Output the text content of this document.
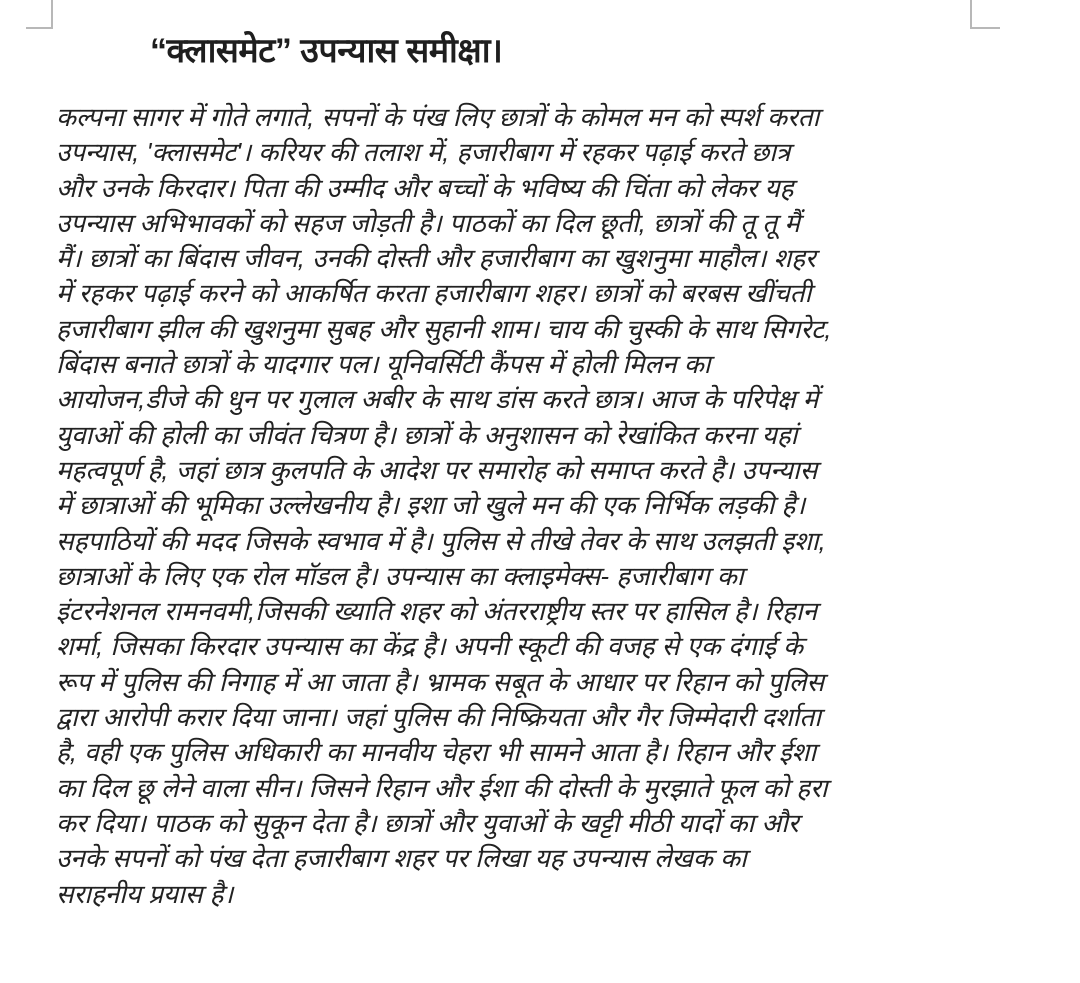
“क्लासमेट” उपन्यास समीक्षा।
कल्पना सागर में गोते लगाते, सपनों के पंख लिए छात्रों के कोमल मन को स्पर्श करता
उपन्यास, 'क्लासमेट'। करियर की तलाश में, हजारीबाग में रहकर पढ़ाई करते छात्र
और उनके किरदार। पिता की उम्मीद और बच्चों के भविष्य की चिंता को लेकर यह
उपन्यास अभिभावकों को सहज जोड़ती है। पाठकों का दिल छूती, छात्रों की तू तू मैं
मैं। छात्रों का बिंदास जीवन, उनकी दोस्ती और हजारीबाग का खुशनुमा माहौल। शहर
में रहकर पढ़ाई करने को आकर्षित करता हजारीबाग शहर। छात्रों को बरबस खींचती
हजारीबाग झील की खुशनुमा सुबह और सुहानी शाम। चाय की चुस्की के साथ सिगरेट,
बिंदास बनाते छात्रों के यादगार पल। यूनिवर्सिटी कैंपस में होली मिलन का
आयोजन,डीजे की धुन पर गुलाल अबीर के साथ डांस करते छात्र। आज के परिपेक्ष में
युवाओं की होली का जीवंत चित्रण है। छात्रों के अनुशासन को रेखांकित करना यहां
महत्वपूर्ण है, जहां छात्र कुलपति के आदेश पर समारोह को समाप्त करते है। उपन्यास
में छात्राओं की भूमिका उल्लेखनीय है। इशा जो खुले मन की एक निर्भिक लड़की है।
सहपाठियों की मदद जिसके स्वभाव में है। पुलिस से तीखे तेवर के साथ उलझती इशा,
छात्राओं के लिए एक रोल मॉडल है। उपन्यास का क्लाइमेक्स- हजारीबाग का
इंटरनेशनल रामनवमी,जिसकी ख्याति शहर को अंतरराष्ट्रीय स्तर पर हासिल है। रिहान
शर्मा, जिसका किरदार उपन्यास का केंद्र है। अपनी स्कूटी की वजह से एक दंगाई के
रूप में पुलिस की निगाह में आ जाता है। भ्रामक सबूत के आधार पर रिहान को पुलिस
द्वारा आरोपी करार दिया जाना। जहां पुलिस की निष्क्रियता और गैर जिम्मेदारी दर्शाता
है, वही एक पुलिस अधिकारी का मानवीय चेहरा भी सामने आता है। रिहान और ईशा
का दिल छू लेने वाला सीन। जिसने रिहान और ईशा की दोस्ती के मुरझाते फूल को हरा
कर दिया। पाठक को सुकून देता है। छात्रों और युवाओं के खट्टी मीठी यादों का और
उनके सपनों को पंख देता हजारीबाग शहर पर लिखा यह उपन्यास लेखक का
सराहनीय प्रयास है।
